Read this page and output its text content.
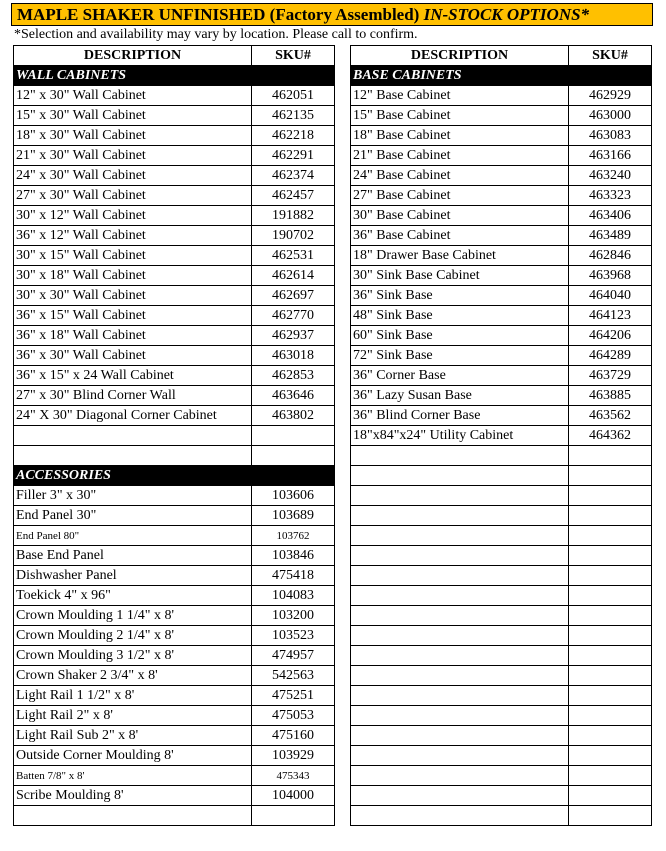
MAPLE SHAKER UNFINISHED (Factory Assembled) IN-STOCK OPTIONS*
*Selection and availability may vary by location. Please call to confirm.
DESCRIPTION	SKU#
WALL CABINETS	
12" x 30" Wall Cabinet	462051
15" x 30" Wall Cabinet	462135
18" x 30" Wall Cabinet	462218
21" x 30" Wall Cabinet	462291
24" x 30" Wall Cabinet	462374
27" x 30" Wall Cabinet	462457
30" x 12" Wall Cabinet	191882
36" x 12" Wall Cabinet	190702
30" x 15" Wall Cabinet	462531
30" x 18" Wall Cabinet	462614
30" x 30" Wall Cabinet	462697
36" x 15" Wall Cabinet	462770
36" x 18" Wall Cabinet	462937
36" x 30" Wall Cabinet	463018
36" x 15" x 24 Wall Cabinet	462853
27" x 30" Blind Corner Wall	463646
24" X 30" Diagonal Corner Cabinet	463802

ACCESSORIES	
Filler 3" x 30"	103606
End Panel 30"	103689
End Panel 80"	103762
Base End Panel	103846
Dishwasher Panel	475418
Toekick 4" x 96"	104083
Crown Moulding 1 1/4" x 8'	103200
Crown Moulding 2 1/4" x 8'	103523
Crown Moulding 3 1/2" x 8'	474957
Crown Shaker 2 3/4" x 8'	542563
Light Rail 1 1/2" x 8'	475251
Light Rail 2" x 8'	475053
Light Rail Sub 2" x 8'	475160
Outside Corner Moulding 8'	103929
Batten 7/8" x 8'	475343
Scribe Moulding 8'	104000

DESCRIPTION	SKU#
BASE CABINETS	
12" Base Cabinet	462929
15" Base Cabinet	463000
18" Base Cabinet	463083
21" Base Cabinet	463166
24" Base Cabinet	463240
27" Base Cabinet	463323
30" Base Cabinet	463406
36" Base Cabinet	463489
18" Drawer Base Cabinet	462846
30" Sink Base Cabinet	463968
36" Sink Base	464040
48" Sink Base	464123
60" Sink Base	464206
72" Sink Base	464289
36" Corner Base	463729
36" Lazy Susan Base	463885
36" Blind Corner Base	463562
18"x84"x24" Utility Cabinet	464362
